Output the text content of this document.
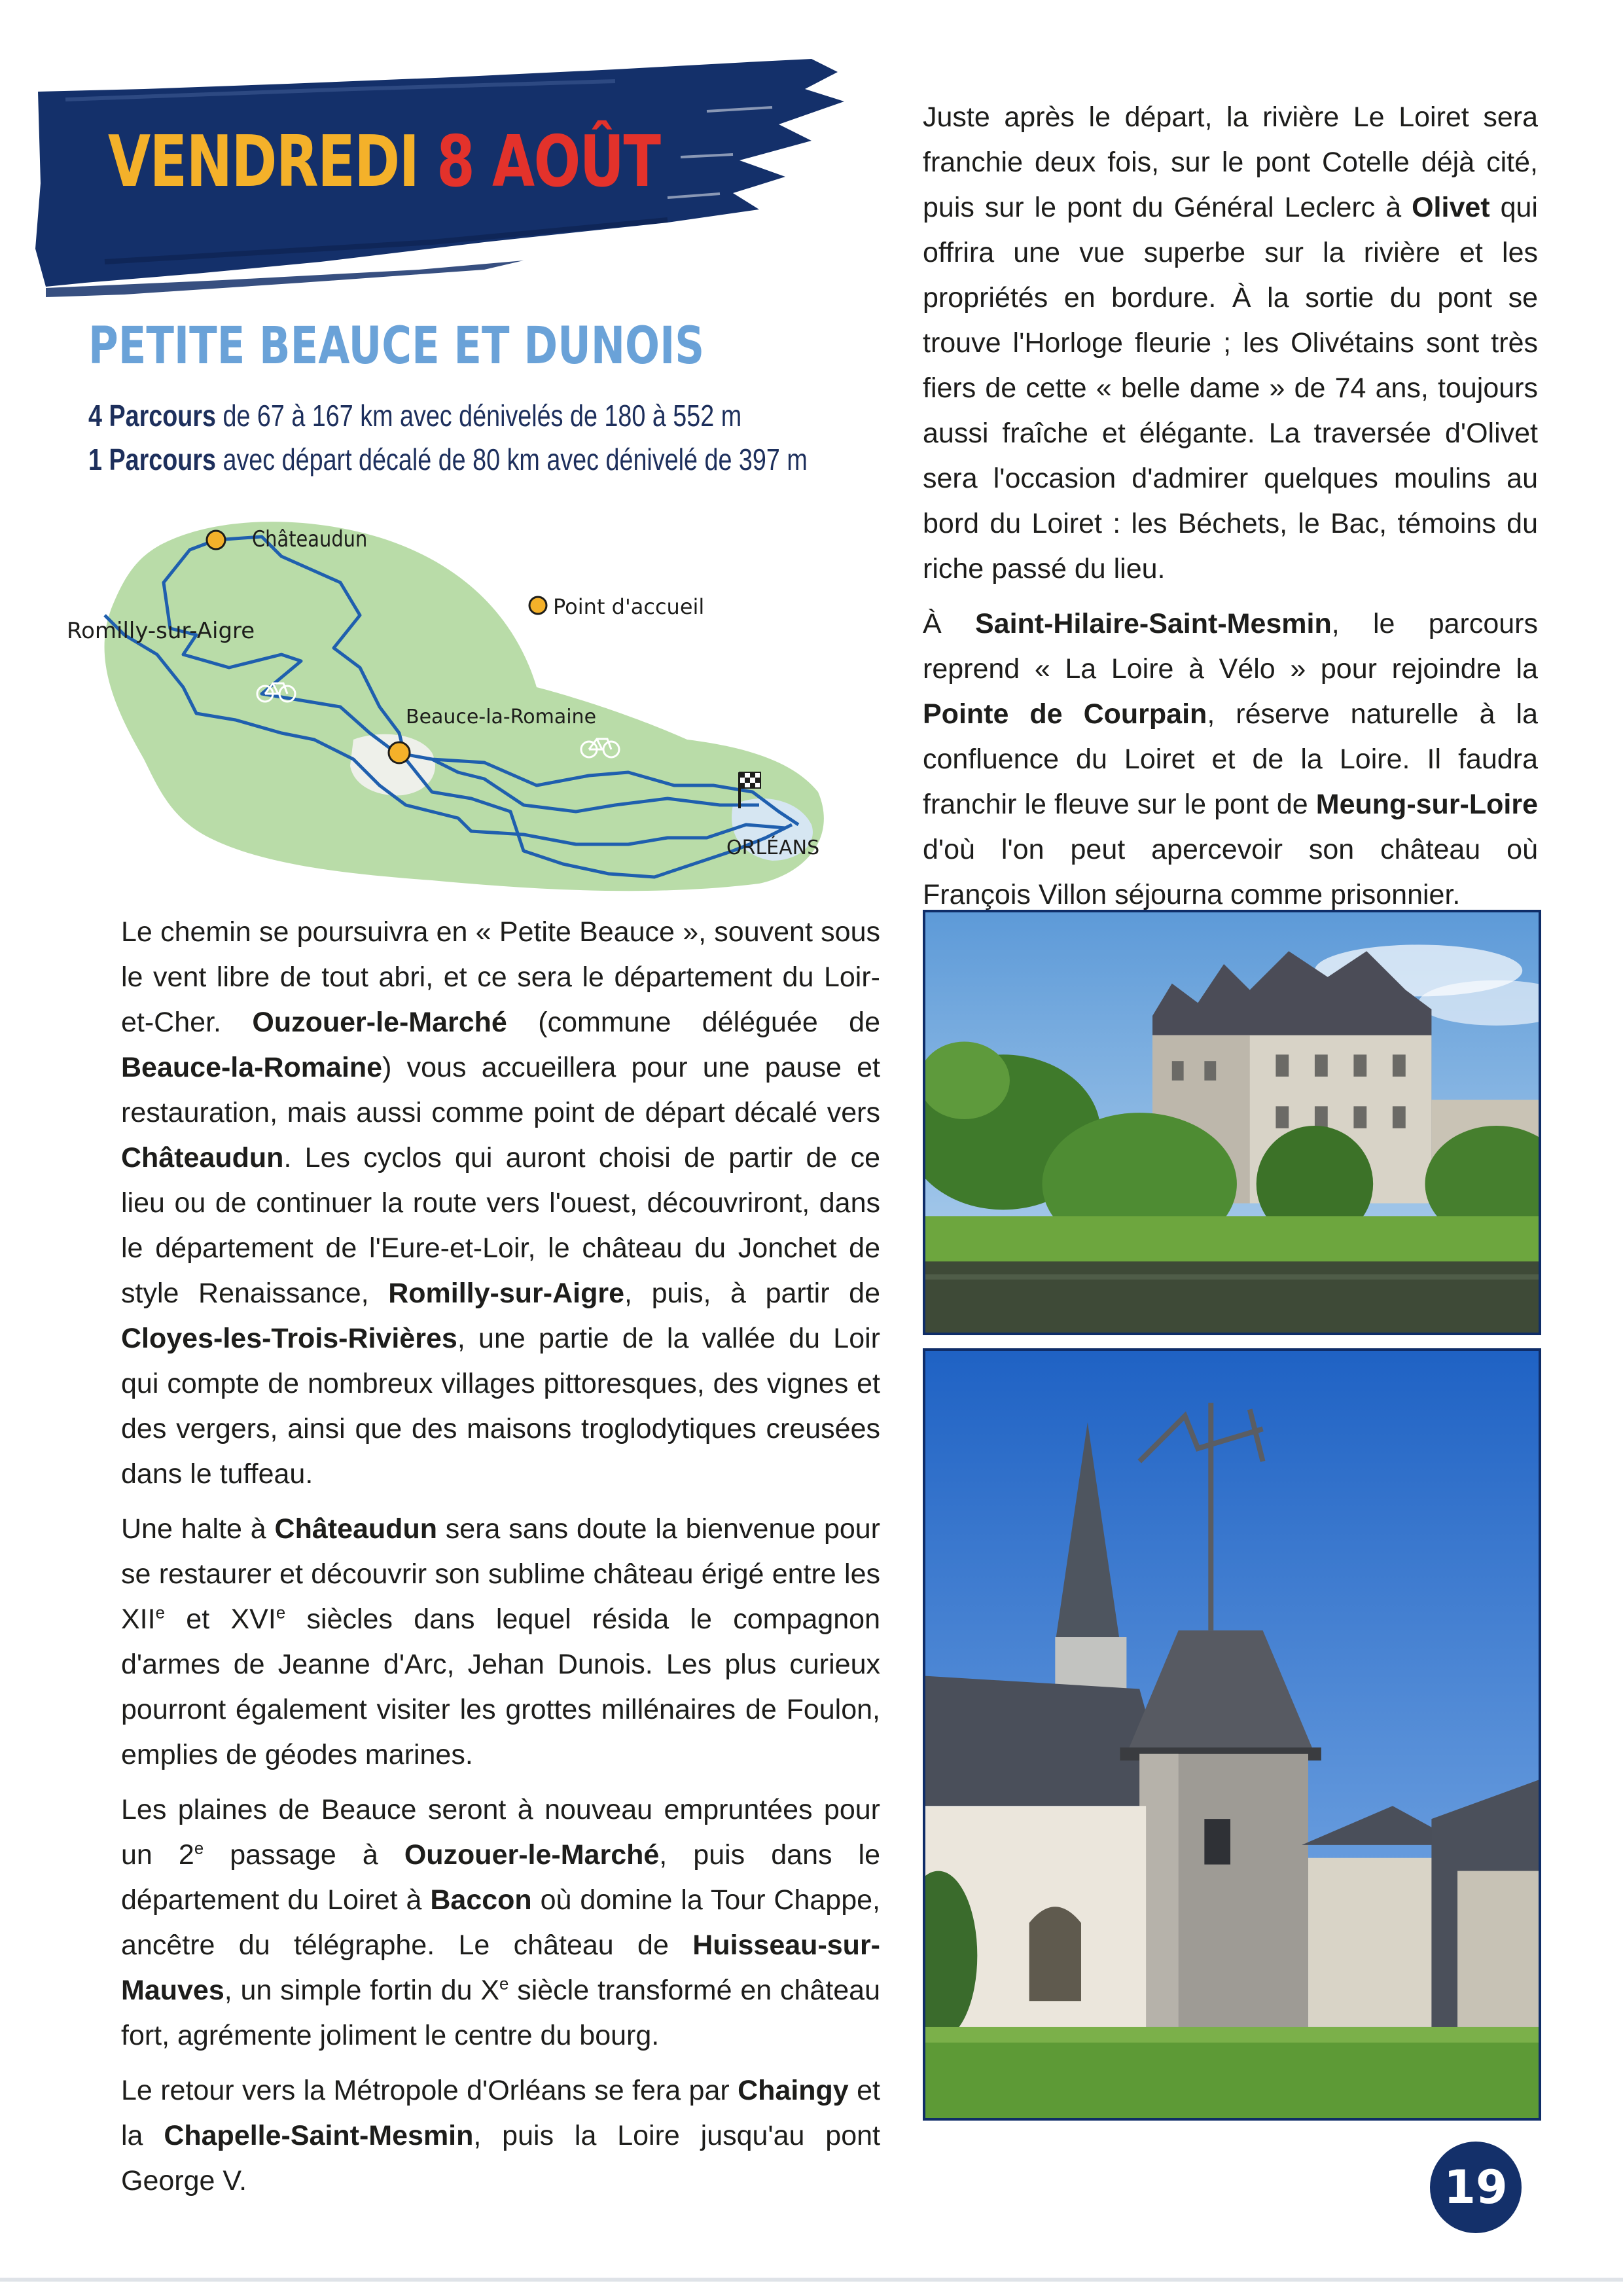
VENDREDI 8 AOÛT
PETITE BEAUCE ET DUNOIS
4 Parcours de 67 à 167 km avec dénivelés de 180 à 552 m
1 Parcours avec départ décalé de 80 km avec dénivelé de 397 m
Châteaudun
Romilly-sur-Aigre
Beauce-la-Romaine
ORLÉANS
Point d'accueil

Le chemin se poursuivra en « Petite Beauce », souvent sous le vent libre de tout abri, et ce sera le département du Loir-et-Cher. Ouzouer-le-Marché (commune déléguée de Beauce-la-Romaine) vous accueillera pour une pause et restauration, mais aussi comme point de départ décalé vers Châteaudun. Les cyclos qui auront choisi de partir de ce lieu ou de continuer la route vers l'ouest, découvriront, dans le département de l'Eure-et-Loir, le château du Jonchet de style Renaissance, Romilly-sur-Aigre, puis, à partir de Cloyes-les-Trois-Rivières, une partie de la vallée du Loir qui compte de nombreux villages pittoresques, des vignes et des vergers, ainsi que des maisons troglodytiques creusées dans le tuffeau.

Une halte à Châteaudun sera sans doute la bienvenue pour se restaurer et découvrir son sublime château érigé entre les XIIe et XVIe siècles dans lequel résida le compagnon d'armes de Jeanne d'Arc, Jehan Dunois. Les plus curieux pourront également visiter les grottes millénaires de Foulon, emplies de géodes marines.

Les plaines de Beauce seront à nouveau empruntées pour un 2e passage à Ouzouer-le-Marché, puis dans le département du Loiret à Baccon où domine la Tour Chappe, ancêtre du télégraphe. Le château de Huisseau-sur-Mauves, un simple fortin du Xe siècle transformé en château fort, agrémente joliment le centre du bourg.

Le retour vers la Métropole d'Orléans se fera par Chaingy et la Chapelle-Saint-Mesmin, puis la Loire jusqu'au pont George V.

Juste après le départ, la rivière Le Loiret sera franchie deux fois, sur le pont Cotelle déjà cité, puis sur le pont du Général Leclerc à Olivet qui offrira une vue superbe sur la rivière et les propriétés en bordure. À la sortie du pont se trouve l'Horloge fleurie ; les Olivétains sont très fiers de cette « belle dame » de 74 ans, toujours aussi fraîche et élégante. La traversée d'Olivet sera l'occasion d'admirer quelques moulins au bord du Loiret : les Béchets, le Bac, témoins du riche passé du lieu.

À Saint-Hilaire-Saint-Mesmin, le parcours reprend « La Loire à Vélo » pour rejoindre la Pointe de Courpain, réserve naturelle à la confluence du Loiret et de la Loire. Il faudra franchir le fleuve sur le pont de Meung-sur-Loire d'où l'on peut apercevoir son château où François Villon séjourna comme prisonnier.

19
